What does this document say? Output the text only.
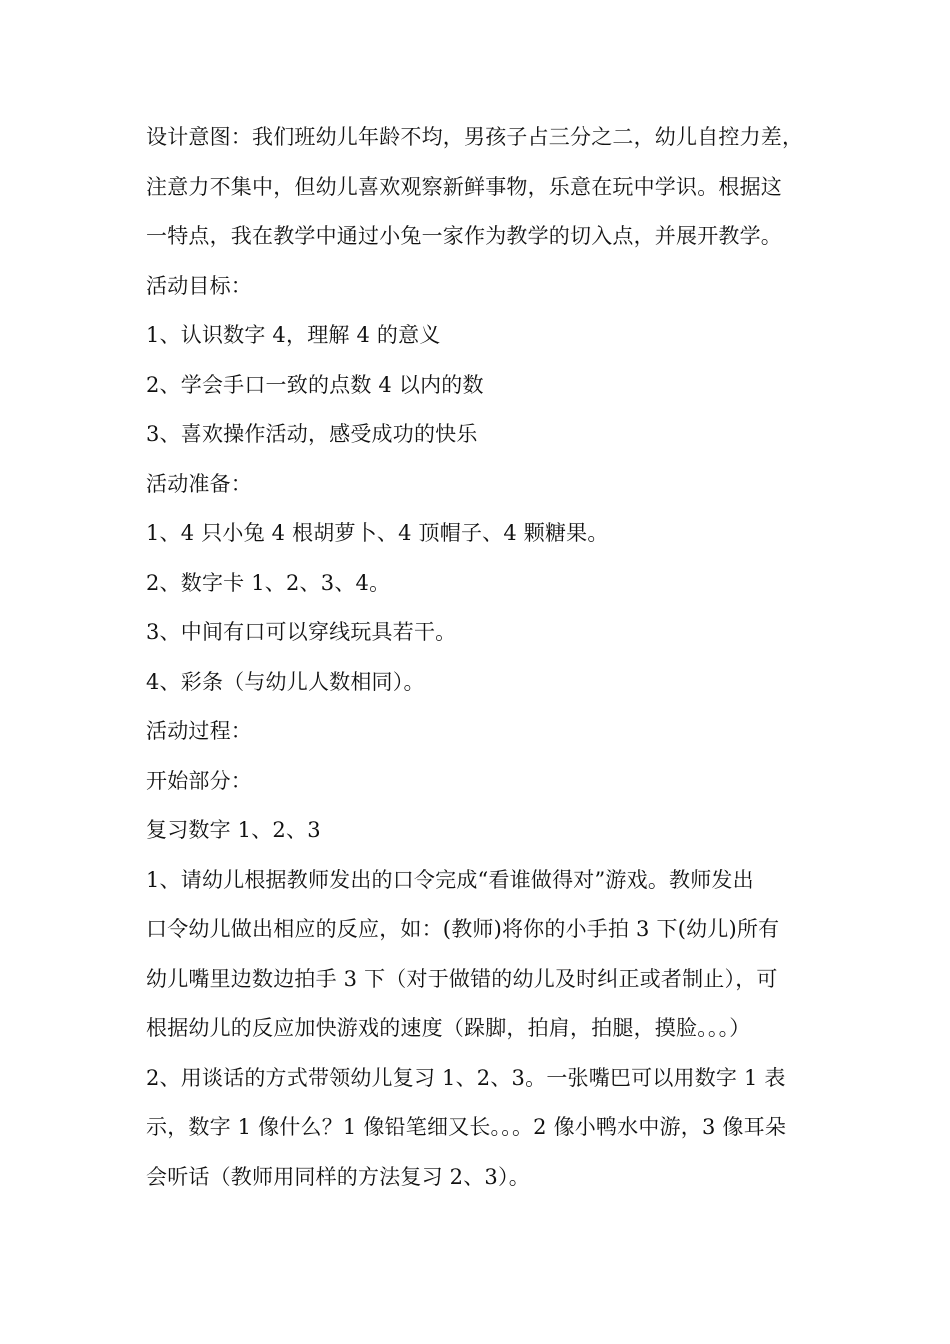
设计意图：我们班幼儿年龄不均，男孩子占三分之二，幼儿自控力差，
注意力不集中，但幼儿喜欢观察新鲜事物，乐意在玩中学识。根据这
一特点，我在教学中通过小兔一家作为教学的切入点，并展开教学。
活动目标：
1、认识数字 4，理解 4 的意义
2、学会手口一致的点数 4 以内的数
3、喜欢操作活动，感受成功的快乐
活动准备：
1、4 只小兔 4 根胡萝卜、4 顶帽子、4 颗糖果。
2、数字卡 1、2、3、4。
3、中间有口可以穿线玩具若干。
4、彩条（与幼儿人数相同）。
活动过程：
开始部分：
复习数字 1、2、3
1、请幼儿根据教师发出的口令完成“看谁做得对”游戏。教师发出
口令幼儿做出相应的反应，如：(教师)将你的小手拍 3 下(幼儿)所有
幼儿嘴里边数边拍手 3 下（对于做错的幼儿及时纠正或者制止），可
根据幼儿的反应加快游戏的速度（跺脚，拍肩，拍腿，摸脸。。。）
2、用谈话的方式带领幼儿复习 1、2、3。一张嘴巴可以用数字 1 表
示，数字 1 像什么？1 像铅笔细又长。。。2 像小鸭水中游，3 像耳朵
会听话（教师用同样的方法复习 2、3）。
